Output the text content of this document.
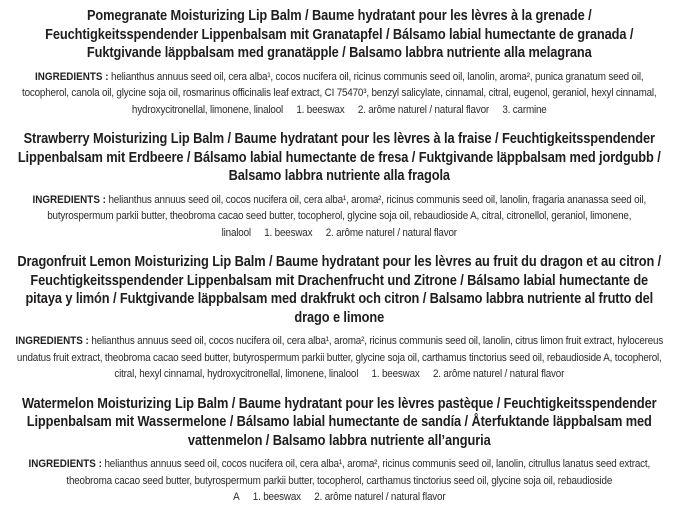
Pomegranate Moisturizing Lip Balm / Baume hydratant pour les lèvres à la grenade / Feuchtigkeitsspendender Lippenbalsam mit Granatapfel / Bálsamo labial humectante de granada / Fuktgivande läppbalsam med granatäpple / Balsamo labbra nutriente alla melagrana

INGREDIENTS : helianthus annuus seed oil, cera alba¹, cocos nucifera oil, ricinus communis seed oil, lanolin, aroma², punica granatum seed oil, tocopherol, canola oil, glycine soja oil, rosmarinus officinalis leaf extract, CI 75470³, benzyl salicylate, cinnamal, citral, eugenol, geraniol, hexyl cinnamal, hydroxycitronellal, limonene, linalool 1. beeswax 2. arôme naturel / natural flavor 3. carmine

Strawberry Moisturizing Lip Balm / Baume hydratant pour les lèvres à la fraise / Feuchtigkeitsspendender Lippenbalsam mit Erdbeere / Bálsamo labial humectante de fresa / Fuktgivande läppbalsam med jordgubb / Balsamo labbra nutriente alla fragola

INGREDIENTS : helianthus annuus seed oil, cocos nucifera oil, cera alba¹, aroma², ricinus communis seed oil, lanolin, fragaria ananassa seed oil, butyrospermum parkii butter, theobroma cacao seed butter, tocopherol, glycine soja oil, rebaudioside A, citral, citronellol, geraniol, limonene, linalool 1. beeswax 2. arôme naturel / natural flavor

Dragonfruit Lemon Moisturizing Lip Balm / Baume hydratant pour les lèvres au fruit du dragon et au citron / Feuchtigkeitsspendender Lippenbalsam mit Drachenfrucht und Zitrone / Bálsamo labial humectante de pitaya y limón / Fuktgivande läppbalsam med drakfrukt och citron / Balsamo labbra nutriente al frutto del drago e limone

INGREDIENTS : helianthus annuus seed oil, cocos nucifera oil, cera alba¹, aroma², ricinus communis seed oil, lanolin, citrus limon fruit extract, hylocereus undatus fruit extract, theobroma cacao seed butter, butyrospermum parkii butter, glycine soja oil, carthamus tinctorius seed oil, rebaudioside A, tocopherol, citral, hexyl cinnamal, hydroxycitronellal, limonene, linalool 1. beeswax 2. arôme naturel / natural flavor

Watermelon Moisturizing Lip Balm / Baume hydratant pour les lèvres pastèque / Feuchtigkeitsspendender Lippenbalsam mit Wassermelone / Bálsamo labial humectante de sandía / Återfuktande läppbalsam med vattenmelon / Balsamo labbra nutriente all’anguria

INGREDIENTS : helianthus annuus seed oil, cocos nucifera oil, cera alba¹, aroma², ricinus communis seed oil, lanolin, citrullus lanatus seed extract, theobroma cacao seed butter, butyrospermum parkii butter, tocopherol, carthamus tinctorius seed oil, glycine soja oil, rebaudioside A 1. beeswax 2. arôme naturel / natural flavor
